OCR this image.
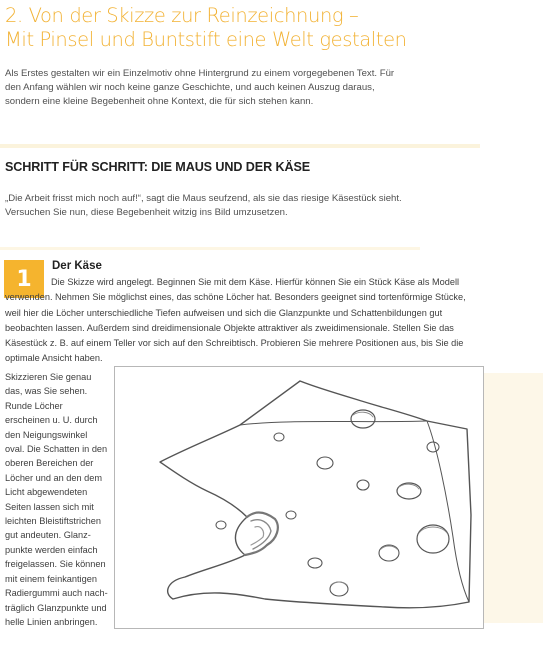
2. Von der Skizze zur Reinzeichnung –
Mit Pinsel und Buntstift eine Welt gestalten
Als Erstes gestalten wir ein Einzelmotiv ohne Hintergrund zu einem vorgegebenen Text. Für den Anfang wählen wir noch keine ganze Geschichte, und auch keinen Auszug daraus, sondern eine kleine Begebenheit ohne Kontext, die für sich stehen kann.
SCHRITT FÜR SCHRITT: DIE MAUS UND DER KÄSE
„Die Arbeit frisst mich noch auf!“, sagt die Maus seufzend, als sie das riesige Käsestück sieht. Versuchen Sie nun, diese Begebenheit witzig ins Bild umzusetzen.
1
Der Käse
Die Skizze wird angelegt. Beginnen Sie mit dem Käse. Hierfür können Sie ein Stück Käse als Modell verwenden. Nehmen Sie möglichst eines, das schöne Löcher hat. Besonders geeignet sind tortenförmige Stücke, weil hier die Löcher unterschiedliche Tiefen aufweisen und sich die Glanzpunkte und Schattenbildungen gut beobachten lassen. Außerdem sind dreidimensionale Objekte attraktiver als zweidimensionale. Stellen Sie das Käsestück z. B. auf einem Teller vor sich auf den Schreibtisch. Probieren Sie mehrere Positionen aus, bis Sie die optimale Ansicht haben.
Skizzieren Sie genau das, was Sie sehen. Runde Löcher erscheinen u. U. durch den Neigungswinkel oval. Die Schatten in den oberen Bereichen der Löcher und an den dem Licht abgewendeten Seiten lassen sich mit leichten Bleistiftstrichen gut andeuten. Glanzpunkte werden einfach freigelassen. Sie können mit einem feinkantigen Radiergummi auch nachträglich Glanzpunkte und helle Linien anbringen.
